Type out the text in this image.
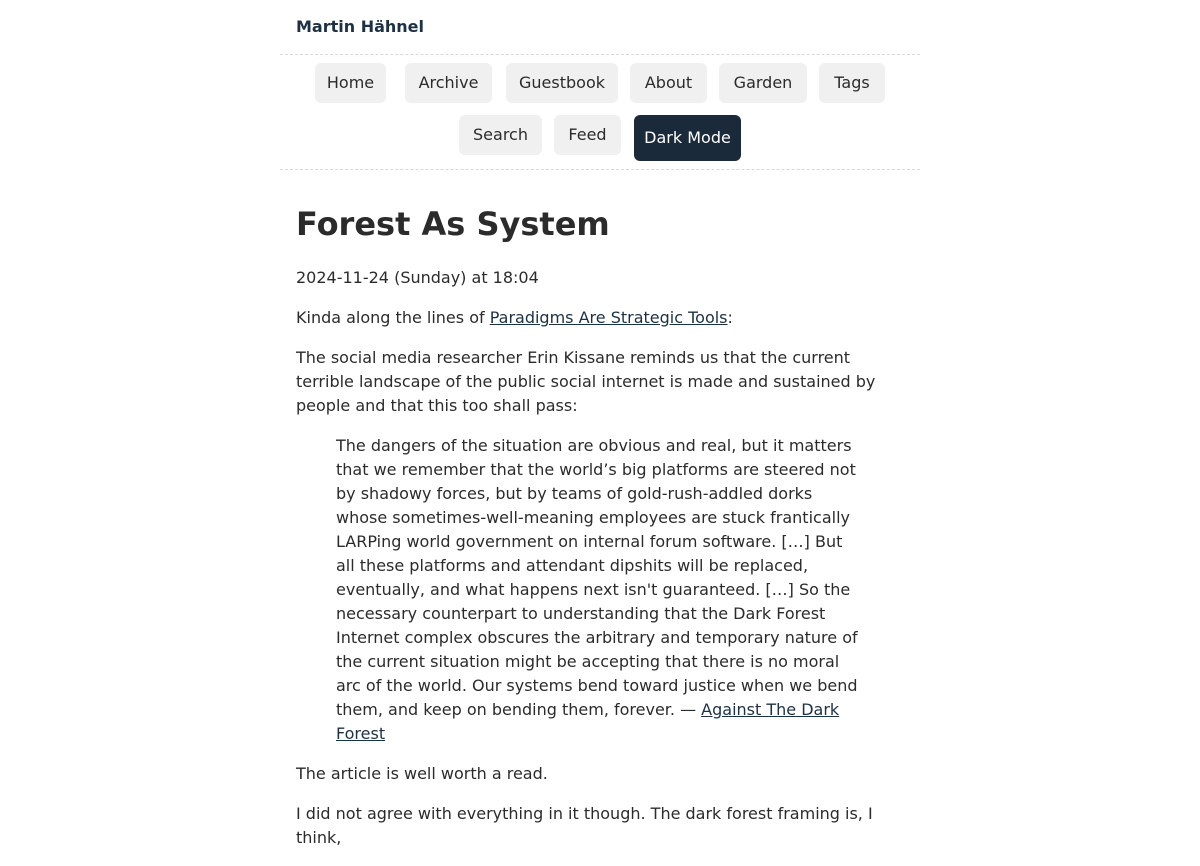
Martin Hähnel
Home	Archive	Guestbook	About	Garden	Tags
Search	Feed	Dark Mode
Forest As System

2024-11-24 (Sunday) at 18:04

Kinda along the lines of Paradigms Are Strategic Tools:

The social media researcher Erin Kissane reminds us that the current terrible landscape of the public social internet is made and sustained by people and that this too shall pass:

The dangers of the situation are obvious and real, but it matters that we remember that the world’s big platforms are steered not by shadowy forces, but by teams of gold-rush-addled dorks whose sometimes-well-meaning employees are stuck frantically LARPing world government on internal forum software. […] But all these platforms and attendant dipshits will be replaced, eventually, and what happens next isn't guaranteed. […] So the necessary counterpart to understanding that the Dark Forest Internet complex obscures the arbitrary and temporary nature of the current situation might be accepting that there is no moral arc of the world. Our systems bend toward justice when we bend them, and keep on bending them, forever. — Against The Dark Forest

The article is well worth a read.

I did not agree with everything in it though. The dark forest framing is, I think,
